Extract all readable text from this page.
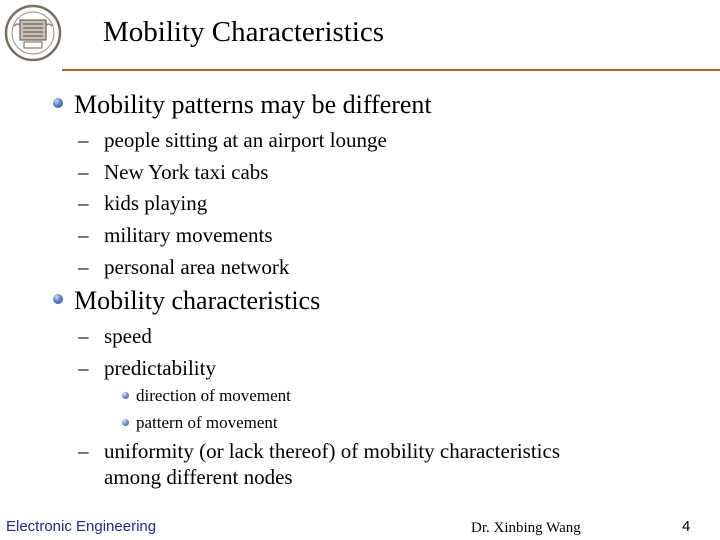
Mobility Characteristics
Mobility patterns may be different
– people sitting at an airport lounge
– New York taxi cabs
– kids playing
– military movements
– personal area network
Mobility characteristics
– speed
– predictability
direction of movement
pattern of movement
– uniformity (or lack thereof) of mobility characteristics
among different nodes
Electronic Engineering	Dr. Xinbing Wang	4
